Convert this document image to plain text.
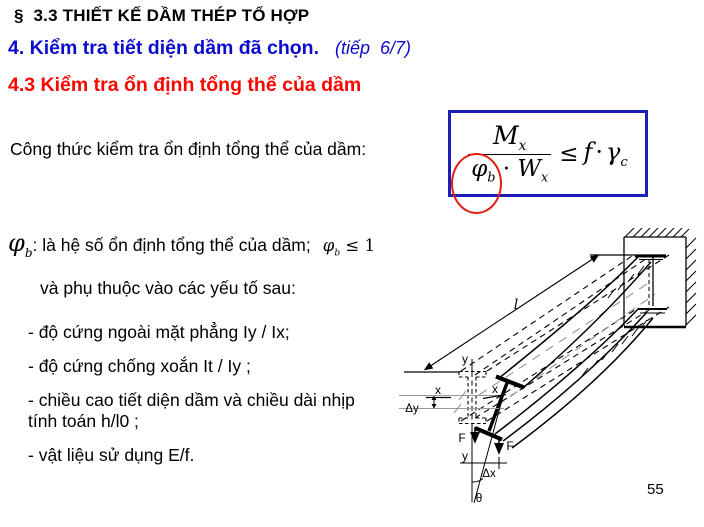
§  3.3 THIẾT KẾ DẦM THÉP TỔ HỢP
4. Kiểm tra tiết diện dầm đã chọn. (tiếp  6/7)
4.3 Kiểm tra ổn định tổng thể của dầm
Công thức kiểm tra ổn định tổng thể của dầm:	$\frac{M_x}{\varphi_b \cdot W_x} \le f \cdot \gamma_c$
$\varphi_b$ : là hệ số ổn định tổng thể của dầm; $\varphi_b \le 1$
và phụ thuộc vào các yếu tố sau:
- độ cứng ngoài mặt phẳng Iy / Ix;
- độ cứng chống xoắn It / Iy ;
- chiều cao tiết diện dầm và chiều dài nhịp tính toán h/l0 ;
- vật liệu sử dụng E/f.
l
y
x	x
Δy
F
F
y
Δx
θ	55
